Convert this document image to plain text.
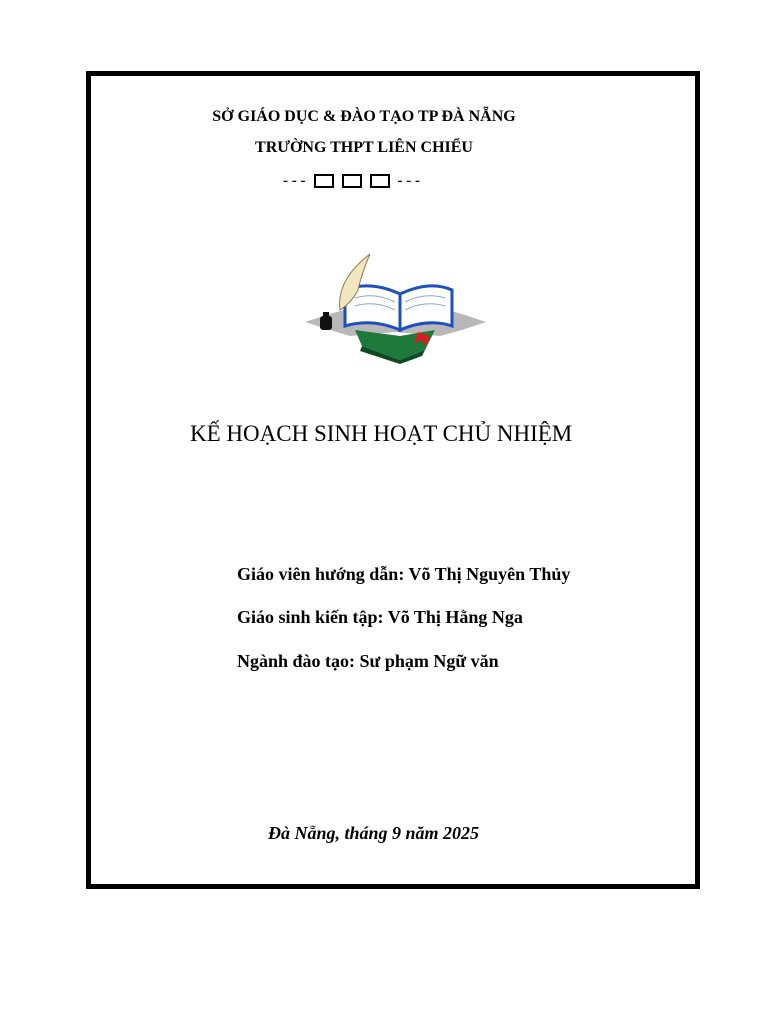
SỞ GIÁO DỤC & ĐÀO TẠO TP ĐÀ NẴNG
TRƯỜNG THPT LIÊN CHIỂU
- - -	- - -
KẾ HOẠCH SINH HOẠT CHỦ NHIỆM
Giáo viên hướng dẫn: Võ Thị Nguyên Thủy
Giáo sinh kiến tập: Võ Thị Hằng Nga
Ngành đào tạo: Sư phạm Ngữ văn
Đà Nẵng, tháng 9 năm 2025
